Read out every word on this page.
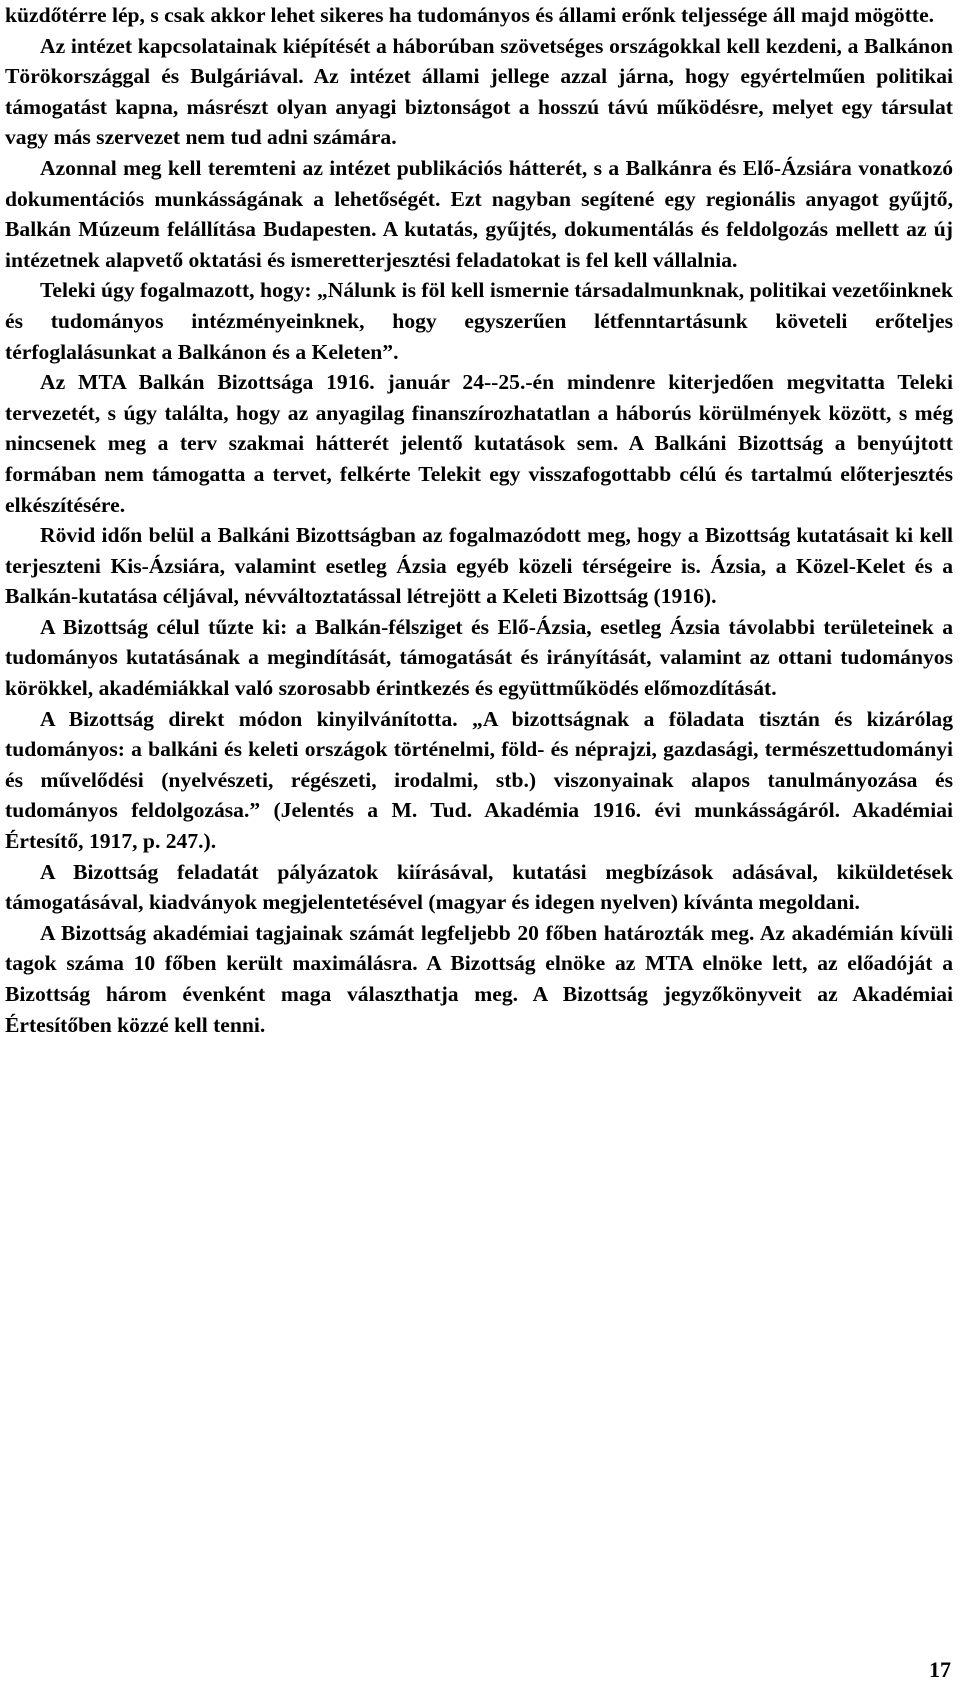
küzdőtérre lép, s csak akkor lehet sikeres ha tudományos és állami erőnk teljessége áll majd mögötte.

Az intézet kapcsolatainak kiépítését a háborúban szövetséges országokkal kell kezdeni, a Balkánon Törökországgal és Bulgáriával. Az intézet állami jellege azzal járna, hogy egyértelműen politikai támogatást kapna, másrészt olyan anyagi biztonságot a hosszú távú működésre, melyet egy társulat vagy más szervezet nem tud adni számára.

Azonnal meg kell teremteni az intézet publikációs hátterét, s a Balkánra és Elő-Ázsiára vonatkozó dokumentációs munkásságának a lehetőségét. Ezt nagyban segítené egy regionális anyagot gyűjtő, Balkán Múzeum felállítása Budapesten. A kutatás, gyűjtés, dokumentálás és feldolgozás mellett az új intézetnek alapvető oktatási és ismeretterjesztési feladatokat is fel kell vállalnia.

Teleki úgy fogalmazott, hogy: „Nálunk is föl kell ismernie társadalmunknak, politikai vezetőinknek és tudományos intézményeinknek, hogy egyszerűen létfenntartásunk követeli erőteljes térfoglalásunkat a Balkánon és a Keleten”.

Az MTA Balkán Bizottsága 1916. január 24--25.-én mindenre kiterjedően megvitatta Teleki tervezetét, s úgy találta, hogy az anyagilag finanszírozhatatlan a háborús körülmények között, s még nincsenek meg a terv szakmai hátterét jelentő kutatások sem. A Balkáni Bizottság a benyújtott formában nem támogatta a tervet, felkérte Telekit egy visszafogottabb célú és tartalmú előterjesztés elkészítésére.

Rövid időn belül a Balkáni Bizottságban az fogalmazódott meg, hogy a Bizottság kutatásait ki kell terjeszteni Kis-Ázsiára, valamint esetleg Ázsia egyéb közeli térségeire is. Ázsia, a Közel-Kelet és a Balkán-kutatása céljával, névváltoztatással létrejött a Keleti Bizottság (1916).

A Bizottság célul tűzte ki: a Balkán-félsziget és Elő-Ázsia, esetleg Ázsia távolabbi területeinek a tudományos kutatásának a megindítását, támogatását és irányítását, valamint az ottani tudományos körökkel, akadémiákkal való szorosabb érintkezés és együttműködés előmozdítását.

A Bizottság direkt módon kinyilvánította. „A bizottságnak a föladata tisztán és kizárólag tudományos: a balkáni és keleti országok történelmi, föld- és néprajzi, gazdasági, természettudományi és művelődési (nyelvészeti, régészeti, irodalmi, stb.) viszonyainak alapos tanulmányozása és tudományos feldolgozása.” (Jelentés a M. Tud. Akadémia 1916. évi munkásságáról. Akadémiai Értesítő, 1917, p. 247.).

A Bizottság feladatát pályázatok kiírásával, kutatási megbízások adásával, kiküldetések támogatásával, kiadványok megjelentetésével (magyar és idegen nyelven) kívánta megoldani.

A Bizottság akadémiai tagjainak számát legfeljebb 20 főben határozták meg. Az akadémián kívüli tagok száma 10 főben került maximálásra. A Bizottság elnöke az MTA elnöke lett, az előadóját a Bizottság három évenként maga választhatja meg. A Bizottság jegyzőkönyveit az Akadémiai Értesítőben közzé kell tenni.

17
